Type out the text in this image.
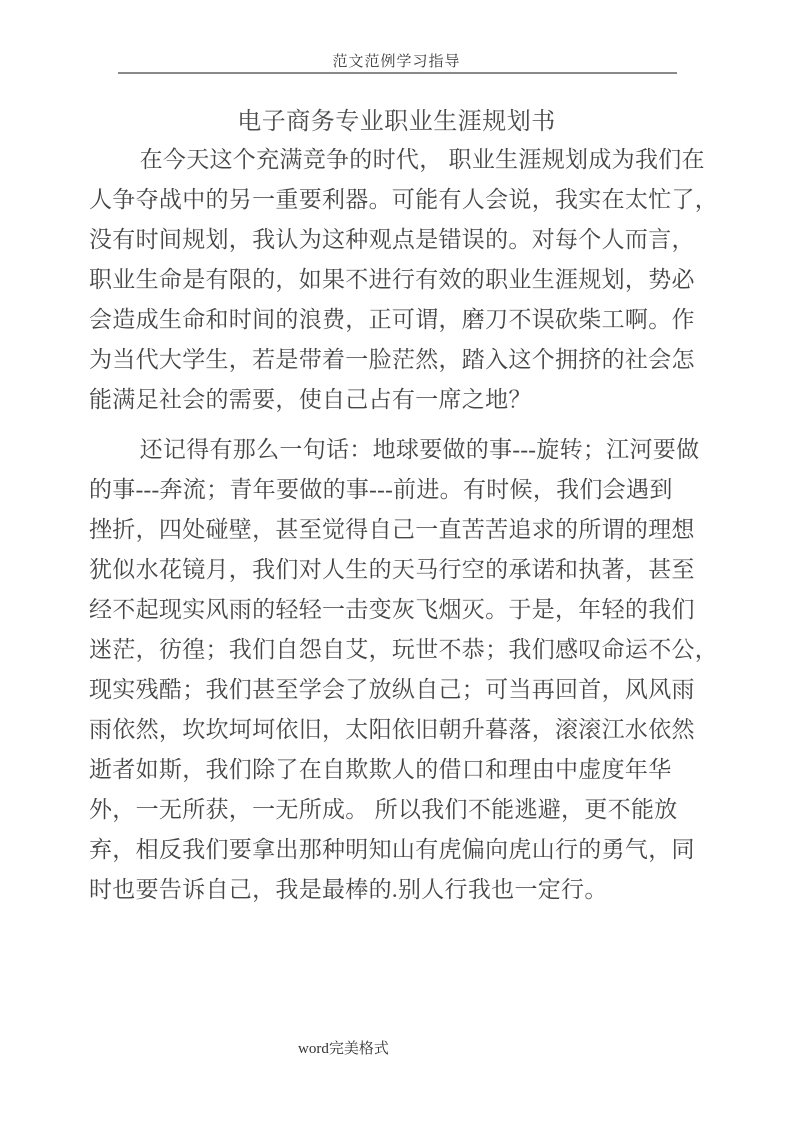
范文范例学习指导
电子商务专业职业生涯规划书
在今天这个充满竞争的时代， 职业生涯规划成为我们在
人争夺战中的另一重要利器。可能有人会说，我实在太忙了，
没有时间规划，我认为这种观点是错误的。对每个人而言，
职业生命是有限的，如果不进行有效的职业生涯规划，势必
会造成生命和时间的浪费，正可谓，磨刀不误砍柴工啊。作
为当代大学生，若是带着一脸茫然，踏入这个拥挤的社会怎
能满足社会的需要，使自己占有一席之地？
还记得有那么一句话：地球要做的事---旋转；江河要做
的事---奔流；青年要做的事---前进。有时候，我们会遇到
挫折，四处碰壁，甚至觉得自己一直苦苦追求的所谓的理想
犹似水花镜月，我们对人生的天马行空的承诺和执著，甚至
经不起现实风雨的轻轻一击变灰飞烟灭。于是，年轻的我们
迷茫，彷徨；我们自怨自艾，玩世不恭；我们感叹命运不公，
现实残酷；我们甚至学会了放纵自己；可当再回首，风风雨
雨依然，坎坎坷坷依旧，太阳依旧朝升暮落，滚滚江水依然
逝者如斯，我们除了在自欺欺人的借口和理由中虚度年华
外，一无所获，一无所成。 所以我们不能逃避，更不能放
弃，相反我们要拿出那种明知山有虎偏向虎山行的勇气，同
时也要告诉自己，我是最棒的.别人行我也一定行。
word完美格式
